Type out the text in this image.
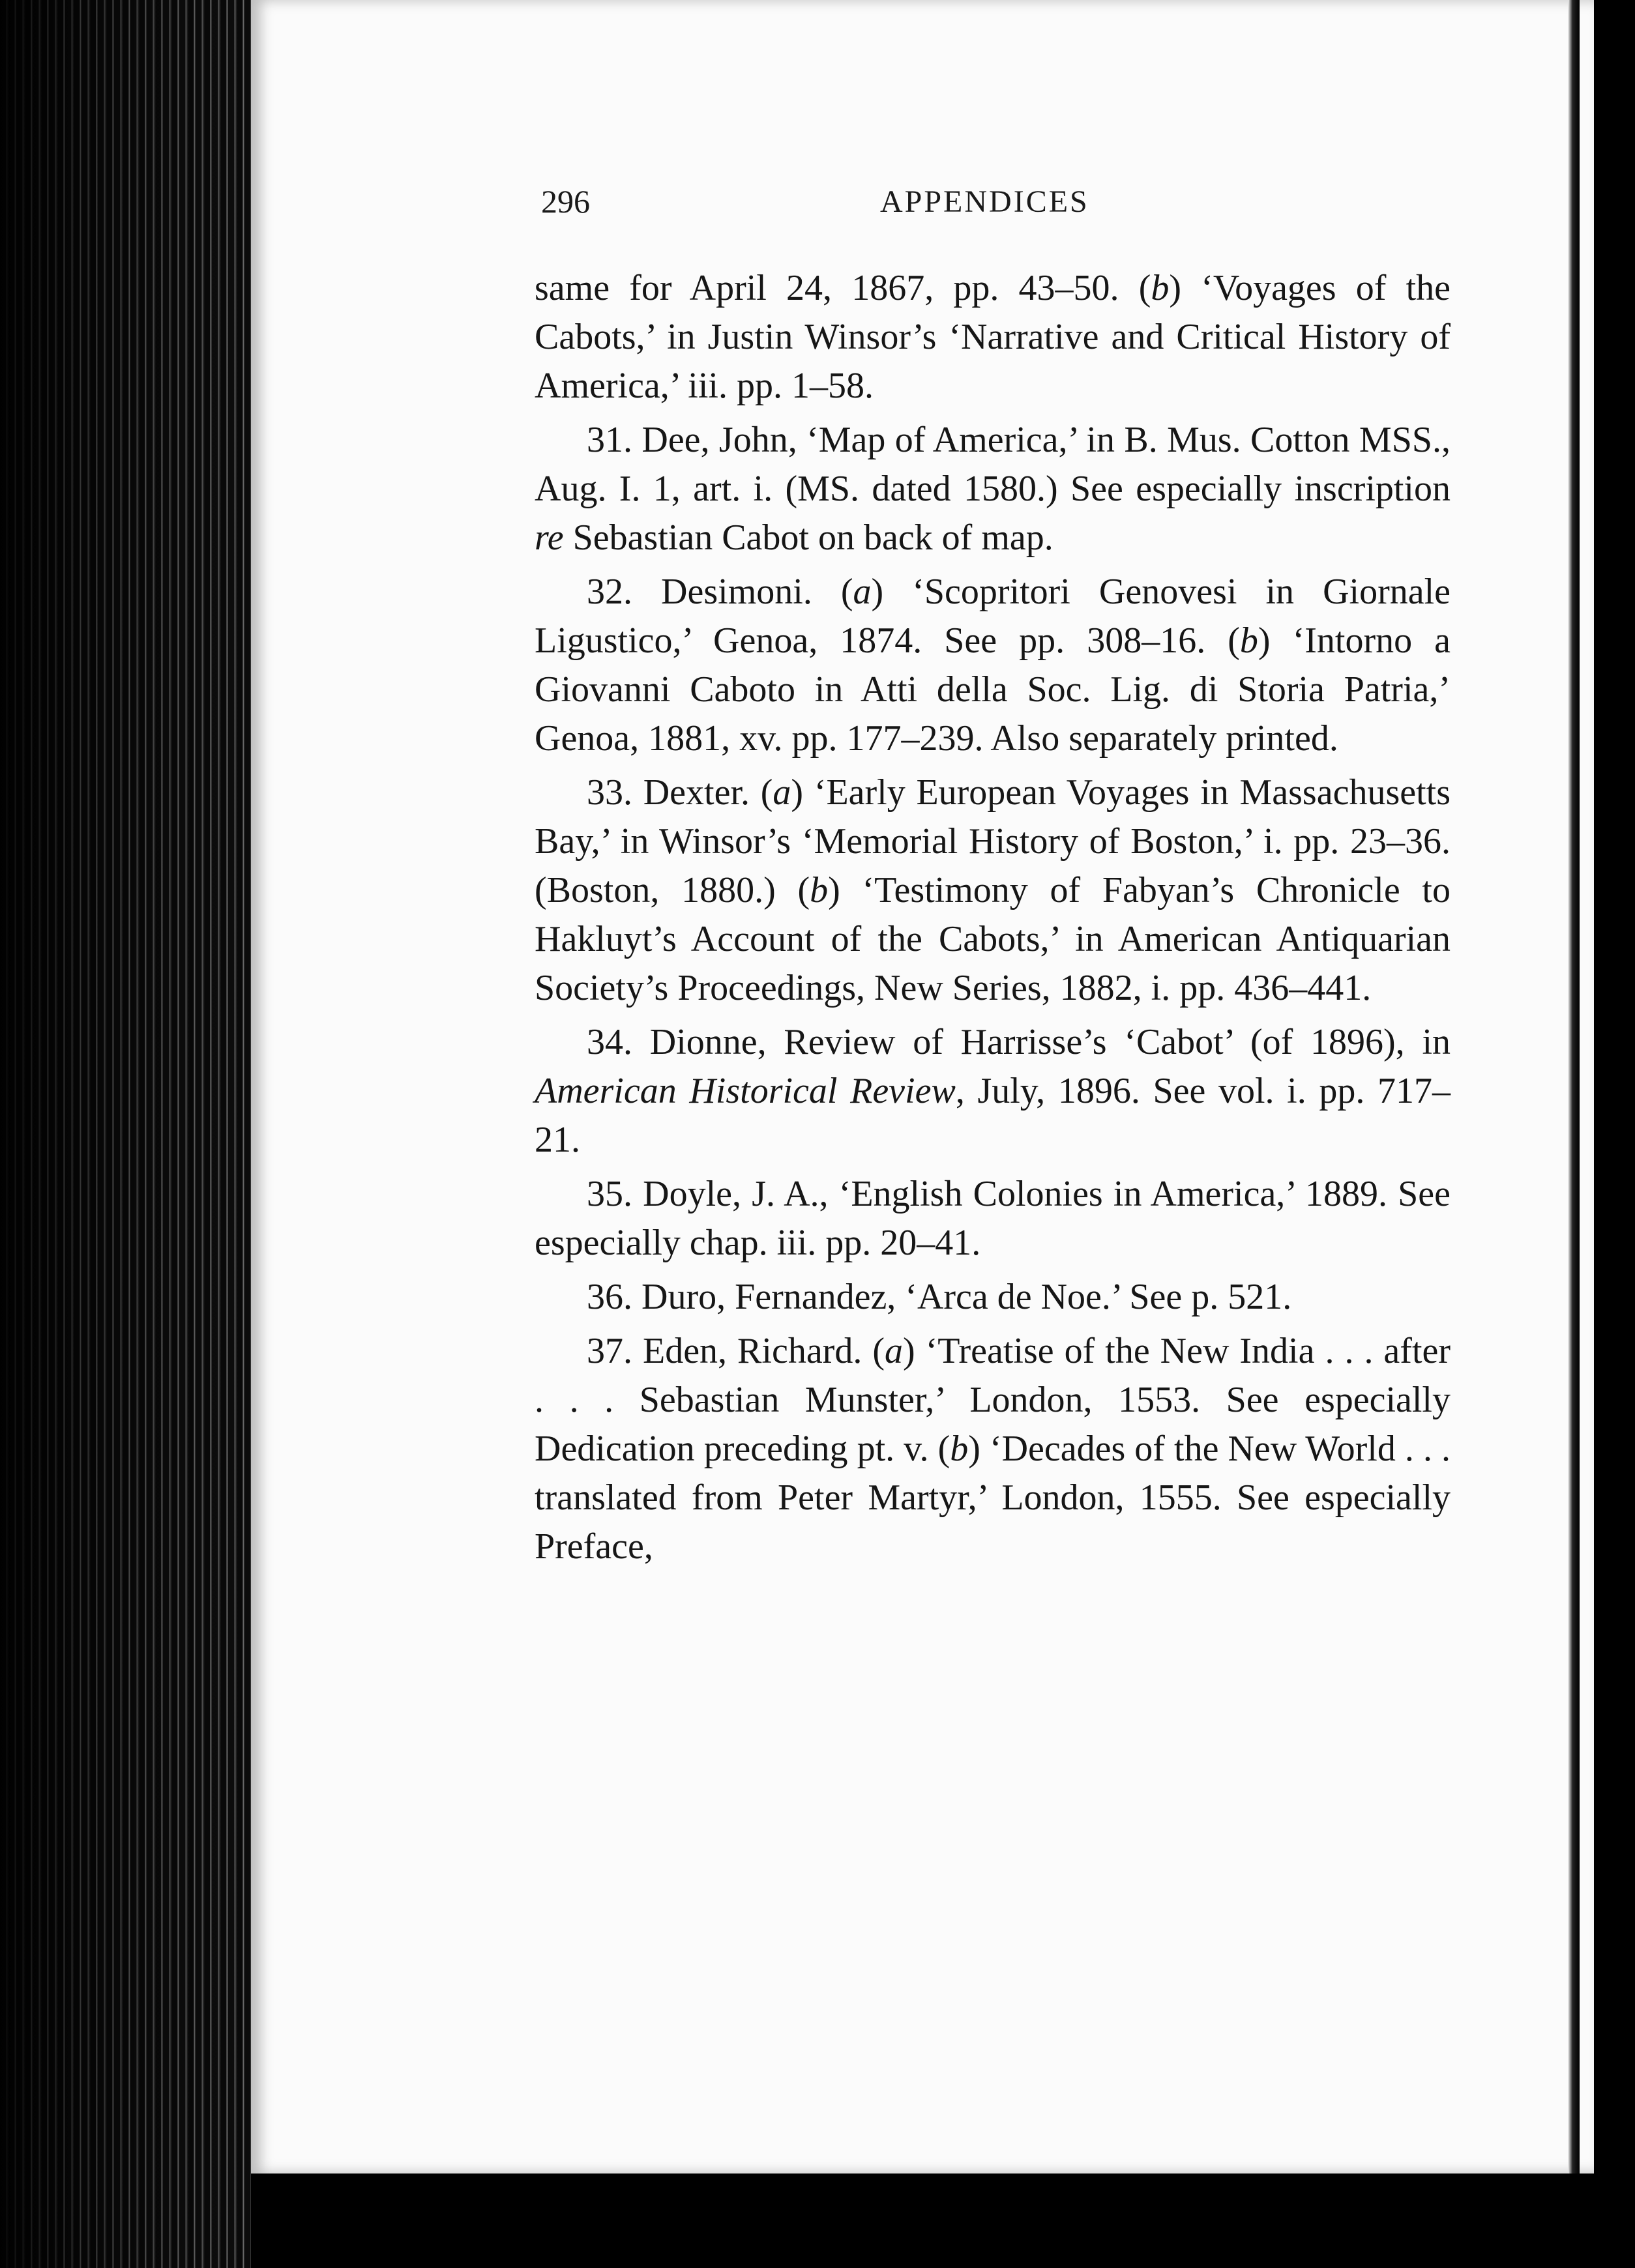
296	APPENDICES

same for April 24, 1867, pp. 43–50. (b) ‘Voyages of the Cabots,’ in Justin Winsor’s ‘Narrative and Critical History of America,’ iii. pp. 1–58.

31. Dee, John, ‘Map of America,’ in B. Mus. Cotton MSS., Aug. I. 1, art. i. (MS. dated 1580.) See especially inscription re Sebastian Cabot on back of map.

32. Desimoni. (a) ‘Scopritori Genovesi in Giornale Ligustico,’ Genoa, 1874. See pp. 308–16. (b) ‘Intorno a Giovanni Caboto in Atti della Soc. Lig. di Storia Patria,’ Genoa, 1881, xv. pp. 177–239. Also separately printed.

33. Dexter. (a) ‘Early European Voyages in Massachusetts Bay,’ in Winsor’s ‘Memorial History of Boston,’ i. pp. 23–36. (Boston, 1880.) (b) ‘Testimony of Fabyan’s Chronicle to Hakluyt’s Account of the Cabots,’ in American Antiquarian Society’s Proceedings, New Series, 1882, i. pp. 436–441.

34. Dionne, Review of Harrisse’s ‘Cabot’ (of 1896), in American Historical Review, July, 1896. See vol. i. pp. 717–21.

35. Doyle, J. A., ‘English Colonies in America,’ 1889. See especially chap. iii. pp. 20–41.

36. Duro, Fernandez, ‘Arca de Noe.’ See p. 521.

37. Eden, Richard. (a) ‘Treatise of the New India . . . after . . . Sebastian Munster,’ London, 1553. See especially Dedication preceding pt. v. (b) ‘Decades of the New World . . . translated from Peter Martyr,’ London, 1555. See especially Preface,
